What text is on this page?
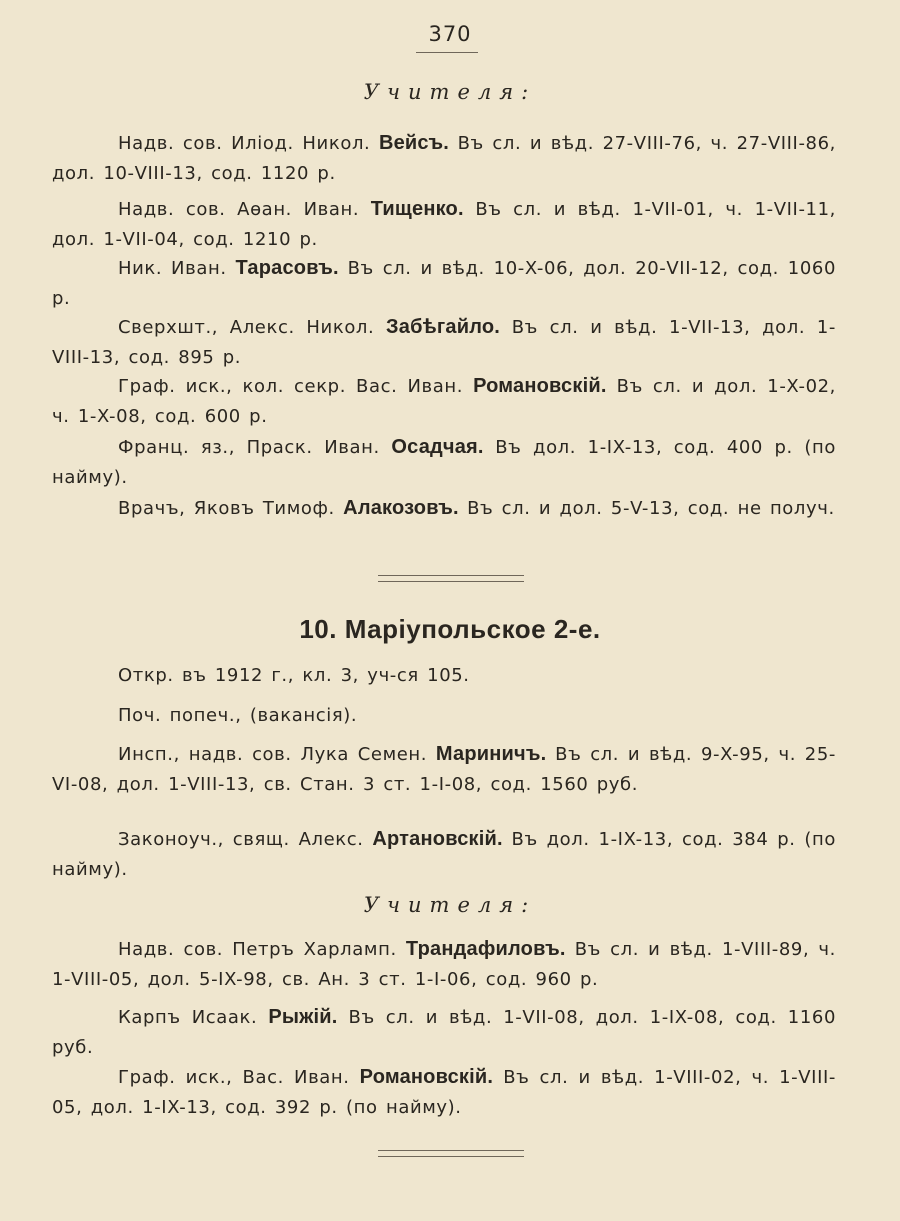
370
Учителя:

Надв. сов. Иліод. Никол. Вейсъ. Въ сл. и вѣд. 27-VIII-76, ч. 27-VIII-86, дол. 10-VIII-13, сод. 1120 р.

Надв. сов. Аѳан. Иван. Тищенко. Въ сл. и вѣд. 1-VII-01, ч. 1-VII-11, дол. 1-VII-04, сод. 1210 р.

Ник. Иван. Тарасовъ. Въ сл. и вѣд. 10-X-06, дол. 20-VII-12, сод. 1060 р.

Сверхшт., Алекс. Никол. Забѣгайло. Въ сл. и вѣд. 1-VII-13, дол. 1-VIII-13, сод. 895 р.

Граф. иск., кол. секр. Вас. Иван. Романовскій. Въ сл. и дол. 1-X-02, ч. 1-X-08, сод. 600 р.

Франц. яз., Праск. Иван. Осадчая. Въ дол. 1-IX-13, сод. 400 р. (по найму).

Врачъ, Яковъ Тимоф. Алакозовъ. Въ сл. и дол. 5-V-13, сод. не получ.

10. Маріупольское 2-е.

Откр. въ 1912 г., кл. 3, уч-ся 105.

Поч. попеч., (вакансія).

Инсп., надв. сов. Лука Семен. Мариничъ. Въ сл. и вѣд. 9-X-95, ч. 25-VI-08, дол. 1-VIII-13, св. Стан. 3 ст. 1-I-08, сод. 1560 руб.

Законоуч., свящ. Алекс. Артановскій. Въ дол. 1-IX-13, сод. 384 р. (по найму).

Учителя:

Надв. сов. Петръ Харламп. Трандафиловъ. Въ сл. и вѣд. 1-VIII-89, ч. 1-VIII-05, дол. 5-IX-98, св. Ан. 3 ст. 1-I-06, сод. 960 р.

Карпъ Исаак. Рыжій. Въ сл. и вѣд. 1-VII-08, дол. 1-IX-08, сод. 1160 руб.

Граф. иск., Вас. Иван. Романовскій. Въ сл. и вѣд. 1-VIII-02, ч. 1-VIII-05, дол. 1-IX-13, сод. 392 р. (по найму).
